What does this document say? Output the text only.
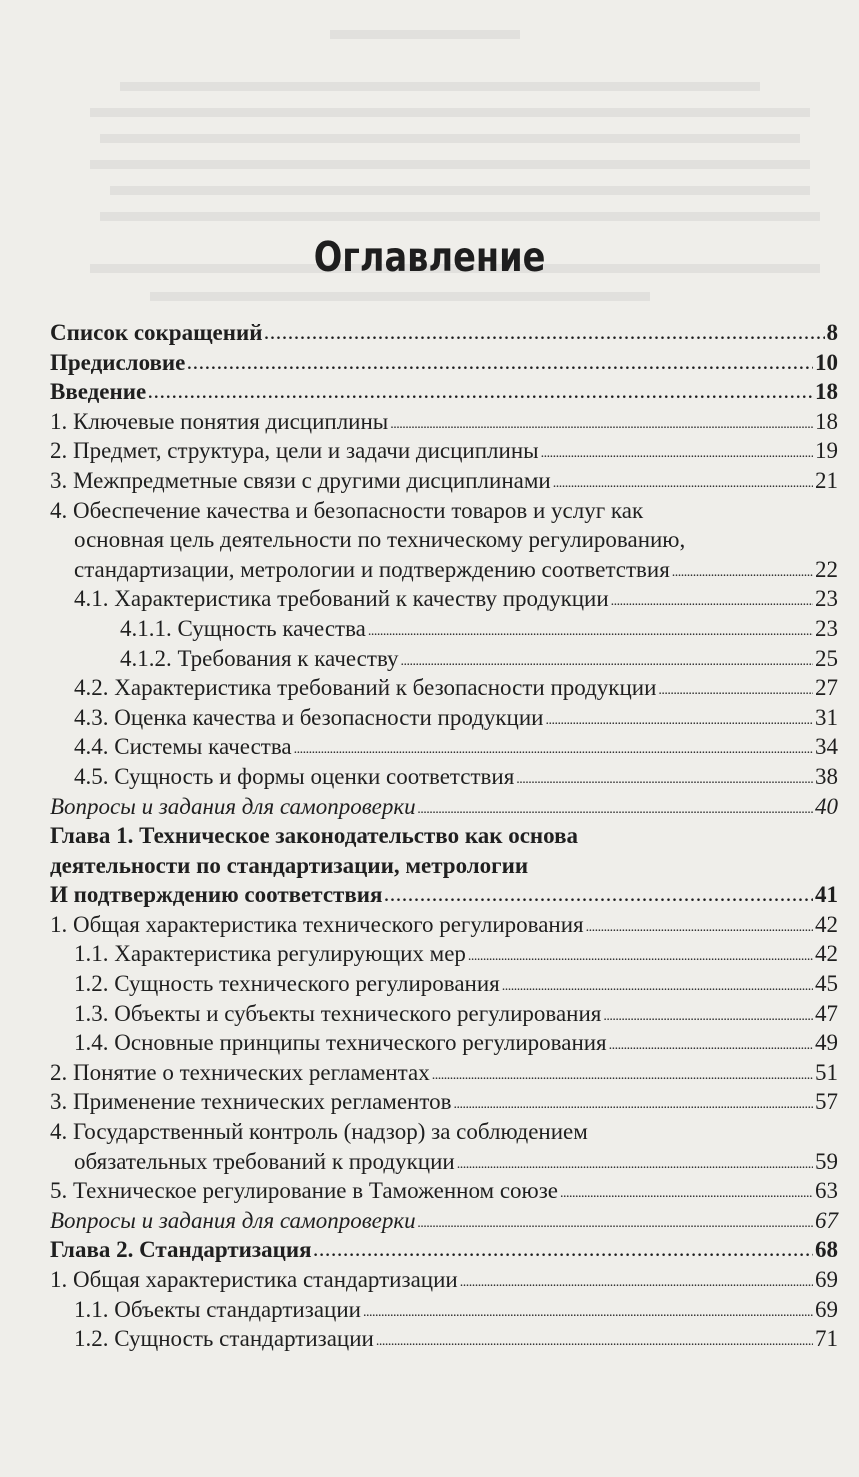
Оглавление
Список сокращений . . .	8
Предисловие . . .	10
Введение . . .	18
1. Ключевые понятия дисциплины . . .	18
2. Предмет, структура, цели и задачи дисциплины . . .	19
3. Межпредметные связи с другими дисциплинами . . .	21
4. Обеспечение качества и безопасности товаров и услуг как
основная цель деятельности по техническому регулированию,
стандартизации, метрологии и подтверждению соответствия . . .	22
4.1. Характеристика требований к качеству продукции . . .	23
4.1.1. Сущность качества . . .	23
4.1.2. Требования к качеству . . .	25
4.2. Характеристика требований к безопасности продукции . . .	27
4.3. Оценка качества и безопасности продукции . . .	31
4.4. Системы качества . . .	34
4.5. Сущность и формы оценки соответствия . . .	38
Вопросы и задания для самопроверки . . .	40
Глава 1. Техническое законодательство как основа
деятельности по стандартизации, метрологии
И подтверждению соответствия . . .	41
1. Общая характеристика технического регулирования . . .	42
1.1. Характеристика регулирующих мер . . .	42
1.2. Сущность технического регулирования . . .	45
1.3. Объекты и субъекты технического регулирования . . .	47
1.4. Основные принципы технического регулирования . . .	49
2. Понятие о технических регламентах . . .	51
3. Применение технических регламентов . . .	57
4. Государственный контроль (надзор) за соблюдением
обязательных требований к продукции . . .	59
5. Техническое регулирование в Таможенном союзе . . .	63
Вопросы и задания для самопроверки . . .	67
Глава 2. Стандартизация . . .	68
1. Общая характеристика стандартизации . . .	69
1.1. Объекты стандартизации . . .	69
1.2. Сущность стандартизации . . .	71
